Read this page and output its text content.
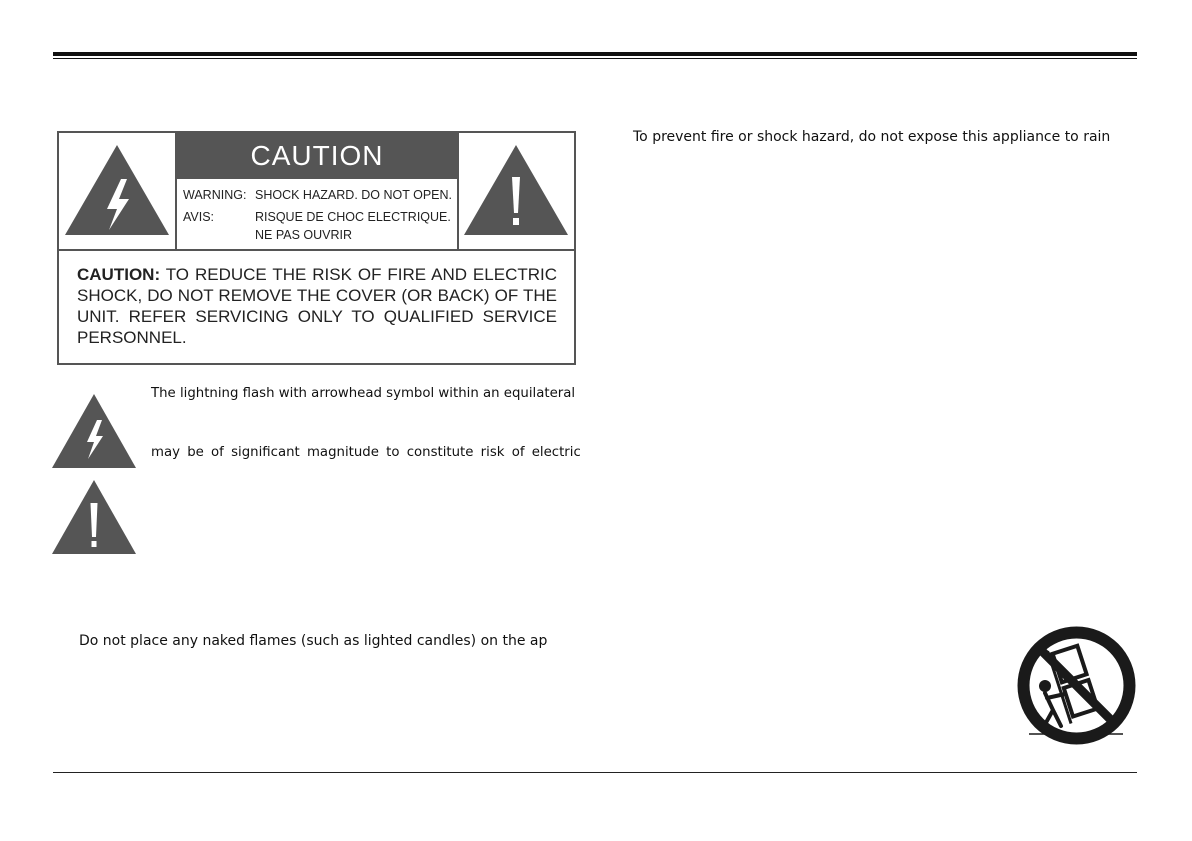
CAUTION
WARNING: SHOCK HAZARD. DO NOT OPEN.
AVIS:	RISQUE DE CHOC ELECTRIQUE.
NE PAS OUVRIR
CAUTION: TO REDUCE THE RISK OF FIRE AND ELECTRIC SHOCK, DO NOT REMOVE THE COVER (OR BACK) OF THE UNIT. REFER SERVICING ONLY TO QUALIFIED SERVICE PERSONNEL.
The lightning flash with arrowhead symbol within an equilateral
may be of significant magnitude to constitute risk of electric
Do not place any naked flames (such as lighted candles) on the ap
To prevent fire or shock hazard, do not expose this appliance to rain
